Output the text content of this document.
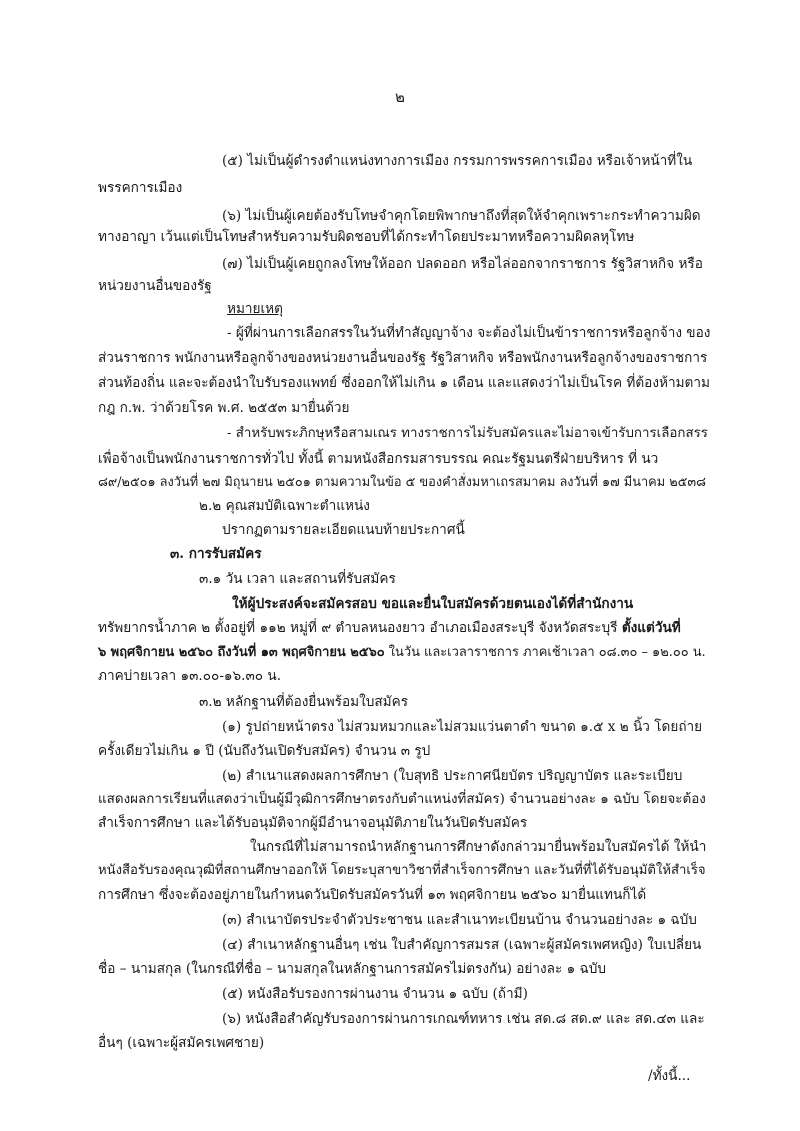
๒
(๕) ไม่เป็นผู้ดำรงตำแหน่งทางการเมือง กรรมการพรรคการเมือง หรือเจ้าหน้าที่ใน
พรรคการเมือง
(๖) ไม่เป็นผู้เคยต้องรับโทษจำคุกโดยพิพากษาถึงที่สุดให้จำคุกเพราะกระทำความผิด
ทางอาญา เว้นแต่เป็นโทษสำหรับความรับผิดชอบที่ได้กระทำโดยประมาทหรือความผิดลหุโทษ
(๗) ไม่เป็นผู้เคยถูกลงโทษให้ออก ปลดออก หรือไล่ออกจากราชการ รัฐวิสาหกิจ หรือ
หน่วยงานอื่นของรัฐ
หมายเหตุ
- ผู้ที่ผ่านการเลือกสรรในวันที่ทำสัญญาจ้าง จะต้องไม่เป็นข้าราชการหรือลูกจ้าง ของ
ส่วนราชการ พนักงานหรือลูกจ้างของหน่วยงานอื่นของรัฐ รัฐวิสาหกิจ หรือพนักงานหรือลูกจ้างของราชการ
ส่วนท้องถิ่น และจะต้องนำใบรับรองแพทย์ ซึ่งออกให้ไม่เกิน ๑ เดือน และแสดงว่าไม่เป็นโรค ที่ต้องห้ามตาม
กฎ ก.พ. ว่าด้วยโรค พ.ศ. ๒๕๕๓ มายื่นด้วย
- สำหรับพระภิกษุหรือสามเณร ทางราชการไม่รับสมัครและไม่อาจเข้ารับการเลือกสรร
เพื่อจ้างเป็นพนักงานราชการทั่วไป ทั้งนี้ ตามหนังสือกรมสารบรรณ คณะรัฐมนตรีฝ่ายบริหาร ที่ นว
๘๙/๒๕๐๑ ลงวันที่ ๒๗ มิถุนายน ๒๕๐๑ ตามความในข้อ ๕ ของคำสั่งมหาเถรสมาคม ลงวันที่ ๑๗ มีนาคม ๒๕๓๘
๒.๒ คุณสมบัติเฉพาะตำแหน่ง
ปรากฏตามรายละเอียดแนบท้ายประกาศนี้
๓. การรับสมัคร
๓.๑ วัน เวลา และสถานที่รับสมัคร
ให้ผู้ประสงค์จะสมัครสอบ ขอและยื่นใบสมัครด้วยตนเองได้ที่สำนักงาน
ทรัพยากรน้ำภาค ๒ ตั้งอยู่ที่ ๑๑๒ หมู่ที่ ๙ ตำบลหนองยาว อำเภอเมืองสระบุรี จังหวัดสระบุรี ตั้งแต่วันที่
๖ พฤศจิกายน ๒๕๖๐ ถึงวันที่ ๑๓ พฤศจิกายน ๒๕๖๐ ในวัน และเวลาราชการ ภาคเช้าเวลา ๐๘.๓๐ – ๑๒.๐๐ น.
ภาคบ่ายเวลา ๑๓.๐๐-๑๖.๓๐ น.
๓.๒ หลักฐานที่ต้องยื่นพร้อมใบสมัคร
(๑) รูปถ่ายหน้าตรง ไม่สวมหมวกและไม่สวมแว่นตาดำ ขนาด ๑.๕ x ๒ นิ้ว โดยถ่าย
ครั้งเดียวไม่เกิน ๑ ปี (นับถึงวันเปิดรับสมัคร) จำนวน ๓ รูป
(๒) สำเนาแสดงผลการศึกษา (ใบสุทธิ ประกาศนียบัตร ปริญญาบัตร และระเบียบ
แสดงผลการเรียนที่แสดงว่าเป็นผู้มีวุฒิการศึกษาตรงกับตำแหน่งที่สมัคร) จำนวนอย่างละ ๑ ฉบับ โดยจะต้อง
สำเร็จการศึกษา และได้รับอนุมัติจากผู้มีอำนาจอนุมัติภายในวันปิดรับสมัคร
ในกรณีที่ไม่สามารถนำหลักฐานการศึกษาดังกล่าวมายื่นพร้อมใบสมัครได้ ให้นำ
หนังสือรับรองคุณวุฒิที่สถานศึกษาออกให้ โดยระบุสาขาวิชาที่สำเร็จการศึกษา และวันที่ที่ได้รับอนุมัติให้สำเร็จ
การศึกษา ซึ่งจะต้องอยู่ภายในกำหนดวันปิดรับสมัครวันที่ ๑๓ พฤศจิกายน ๒๕๖๐ มายื่นแทนก็ได้
(๓) สำเนาบัตรประจำตัวประชาชน และสำเนาทะเบียนบ้าน จำนวนอย่างละ ๑ ฉบับ
(๔) สำเนาหลักฐานอื่นๆ เช่น ใบสำคัญการสมรส (เฉพาะผู้สมัครเพศหญิง) ใบเปลี่ยน
ชื่อ – นามสกุล (ในกรณีที่ชื่อ – นามสกุลในหลักฐานการสมัครไม่ตรงกัน) อย่างละ ๑ ฉบับ
(๕) หนังสือรับรองการผ่านงาน จำนวน ๑ ฉบับ (ถ้ามี)
(๖) หนังสือสำคัญรับรองการผ่านการเกณฑ์ทหาร เช่น สด.๘ สด.๙ และ สด.๔๓ และ
อื่นๆ (เฉพาะผู้สมัครเพศชาย)
/ทั้งนี้...
